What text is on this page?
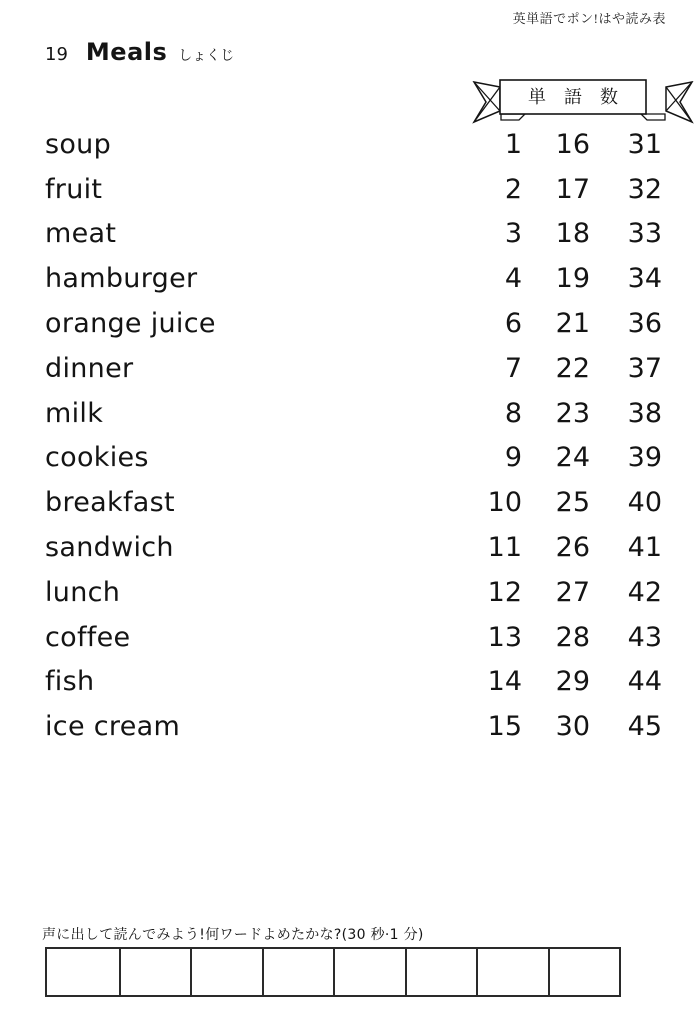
英単語でポン!はや読み表
19 Meals しょくじ
単　語　数
soup	1	16	31
fruit	2	17	32
meat	3	18	33
hamburger	4	19	34
orange juice	6	21	36
dinner	7	22	37
milk	8	23	38
cookies	9	24	39
breakfast	10	25	40
sandwich	11	26	41
lunch	12	27	42
coffee	13	28	43
fish	14	29	44
ice cream	15	30	45
声に出して読んでみよう!何ワードよめたかな?(30 秒·1 分)
